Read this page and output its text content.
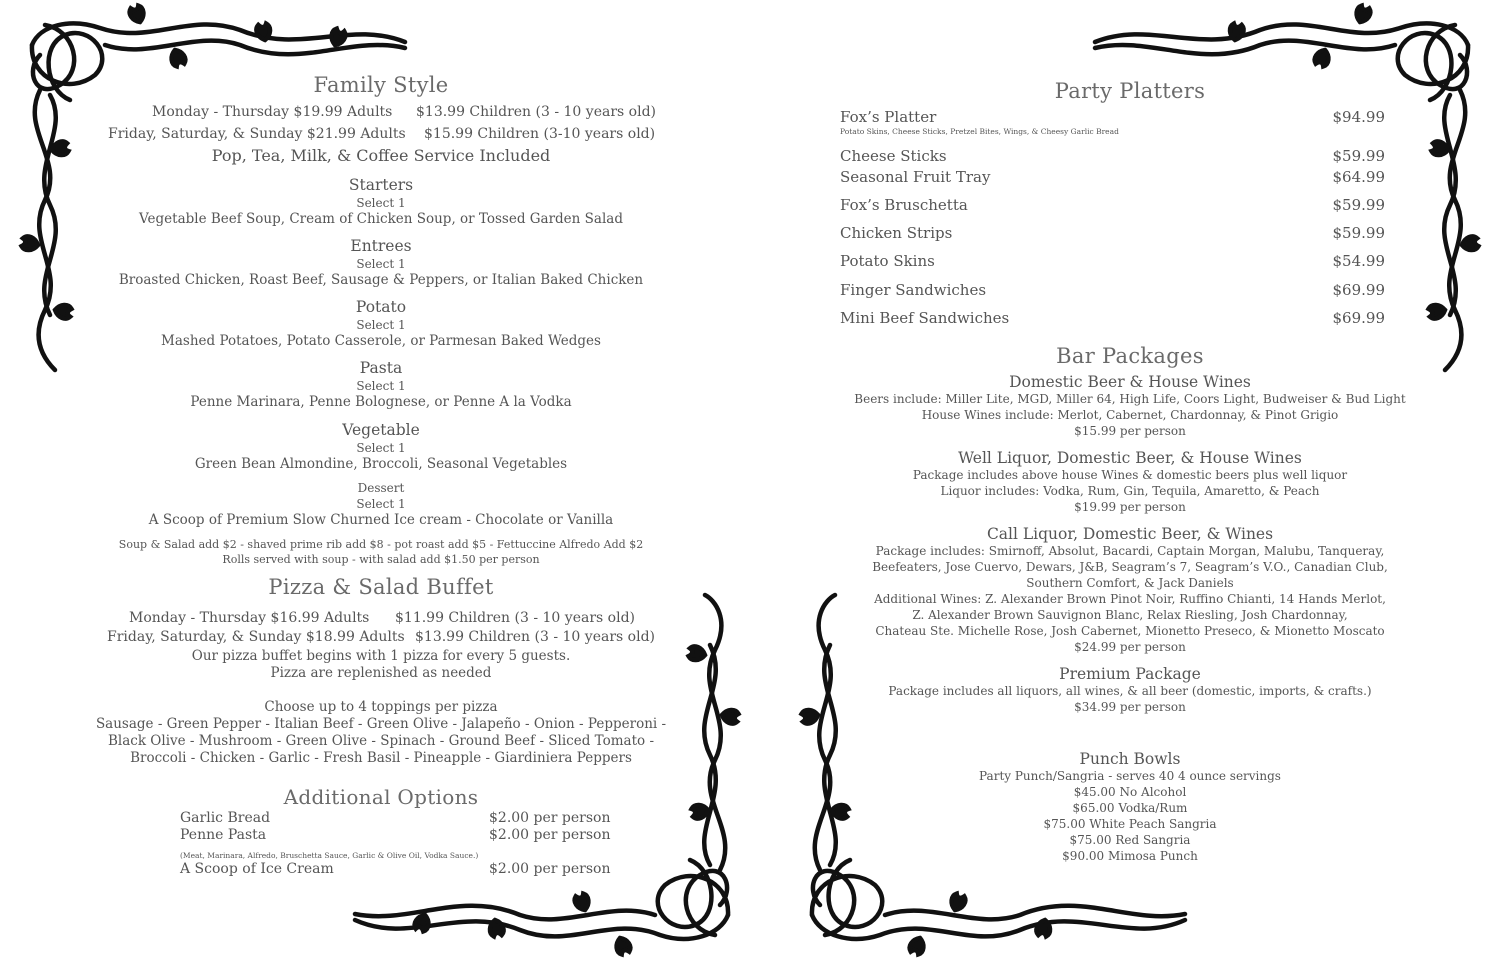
Family Style
Monday - Thursday $19.99 Adults $13.99 Children (3 - 10 years old)
Friday, Saturday, & Sunday $21.99 Adults $15.99 Children (3-10 years old)
Pop, Tea, Milk, & Coffee Service Included
Starters
Select 1
Vegetable Beef Soup, Cream of Chicken Soup, or Tossed Garden Salad
Entrees
Select 1
Broasted Chicken, Roast Beef, Sausage & Peppers, or Italian Baked Chicken
Potato
Select 1
Mashed Potatoes, Potato Casserole, or Parmesan Baked Wedges
Pasta
Select 1
Penne Marinara, Penne Bolognese, or Penne A la Vodka
Vegetable
Select 1
Green Bean Almondine, Broccoli, Seasonal Vegetables
Dessert
Select 1
A Scoop of Premium Slow Churned Ice cream - Chocolate or Vanilla
Soup & Salad add $2 - shaved prime rib add $8 - pot roast add $5 - Fettuccine Alfredo Add $2
Rolls served with soup - with salad add $1.50 per person
Pizza & Salad Buffet
Monday - Thursday $16.99 Adults $11.99 Children (3 - 10 years old)
Friday, Saturday, & Sunday $18.99 Adults $13.99 Children (3 - 10 years old)
Our pizza buffet begins with 1 pizza for every 5 guests.
Pizza are replenished as needed
Choose up to 4 toppings per pizza
Sausage - Green Pepper - Italian Beef - Green Olive - Jalapeño - Onion - Pepperoni -
Black Olive - Mushroom - Green Olive - Spinach - Ground Beef - Sliced Tomato -
Broccoli - Chicken - Garlic - Fresh Basil - Pineapple - Giardiniera Peppers
Additional Options
Garlic Bread	$2.00 per person
Penne Pasta	$2.00 per person
(Meat, Marinara, Alfredo, Bruschetta Sauce, Garlic & Olive Oil, Vodka Sauce.)
A Scoop of Ice Cream	$2.00 per person
Party Platters
Fox’s Platter	$94.99
Potato Skins, Cheese Sticks, Pretzel Bites, Wings, & Cheesy Garlic Bread
Cheese Sticks	$59.99
Seasonal Fruit Tray	$64.99
Fox’s Bruschetta	$59.99
Chicken Strips	$59.99
Potato Skins	$54.99
Finger Sandwiches	$69.99
Mini Beef Sandwiches	$69.99
Bar Packages
Domestic Beer & House Wines
Beers include: Miller Lite, MGD, Miller 64, High Life, Coors Light, Budweiser & Bud Light
House Wines include: Merlot, Cabernet, Chardonnay, & Pinot Grigio
$15.99 per person
Well Liquor, Domestic Beer, & House Wines
Package includes above house Wines & domestic beers plus well liquor
Liquor includes: Vodka, Rum, Gin, Tequila, Amaretto, & Peach
$19.99 per person
Call Liquor, Domestic Beer, & Wines
Package includes: Smirnoff, Absolut, Bacardi, Captain Morgan, Malubu, Tanqueray,
Beefeaters, Jose Cuervo, Dewars, J&B, Seagram’s 7, Seagram’s V.O., Canadian Club,
Southern Comfort, & Jack Daniels
Additional Wines: Z. Alexander Brown Pinot Noir, Ruffino Chianti, 14 Hands Merlot,
Z. Alexander Brown Sauvignon Blanc, Relax Riesling, Josh Chardonnay,
Chateau Ste. Michelle Rose, Josh Cabernet, Mionetto Preseco, & Mionetto Moscato
$24.99 per person
Premium Package
Package includes all liquors, all wines, & all beer (domestic, imports, & crafts.)
$34.99 per person
Punch Bowls
Party Punch/Sangria - serves 40 4 ounce servings
$45.00 No Alcohol
$65.00 Vodka/Rum
$75.00 White Peach Sangria
$75.00 Red Sangria
$90.00 Mimosa Punch
